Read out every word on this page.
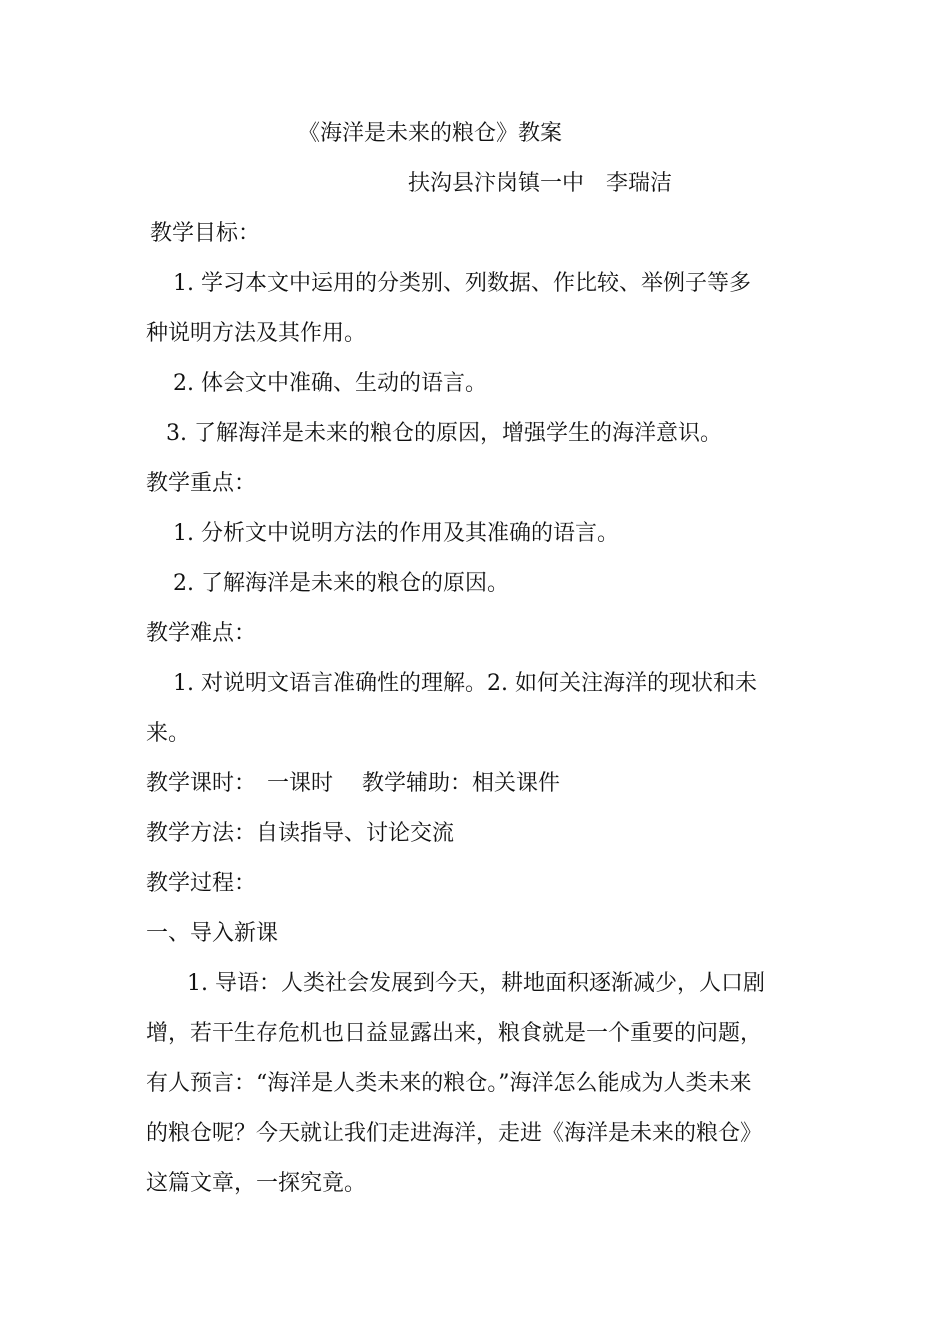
《海洋是未来的粮仓》教案

扶沟县汴岗镇一中　李瑞洁

教学目标：

1. 学习本文中运用的分类别、列数据、作比较、举例子等多

种说明方法及其作用。

2. 体会文中准确、生动的语言。

3. 了解海洋是未来的粮仓的原因，增强学生的海洋意识。

教学重点：

1. 分析文中说明方法的作用及其准确的语言。

2. 了解海洋是未来的粮仓的原因。

教学难点：

1. 对说明文语言准确性的理解。2. 如何关注海洋的现状和未

来。

教学课时：　一课时　 教学辅助：相关课件

教学方法：自读指导、讨论交流

教学过程：

一、导入新课

1. 导语：人类社会发展到今天，耕地面积逐渐减少，人口剧

增，若干生存危机也日益显露出来，粮食就是一个重要的问题，

有人预言：“海洋是人类未来的粮仓。”海洋怎么能成为人类未来

的粮仓呢？今天就让我们走进海洋，走进《海洋是未来的粮仓》

这篇文章，一探究竟。
